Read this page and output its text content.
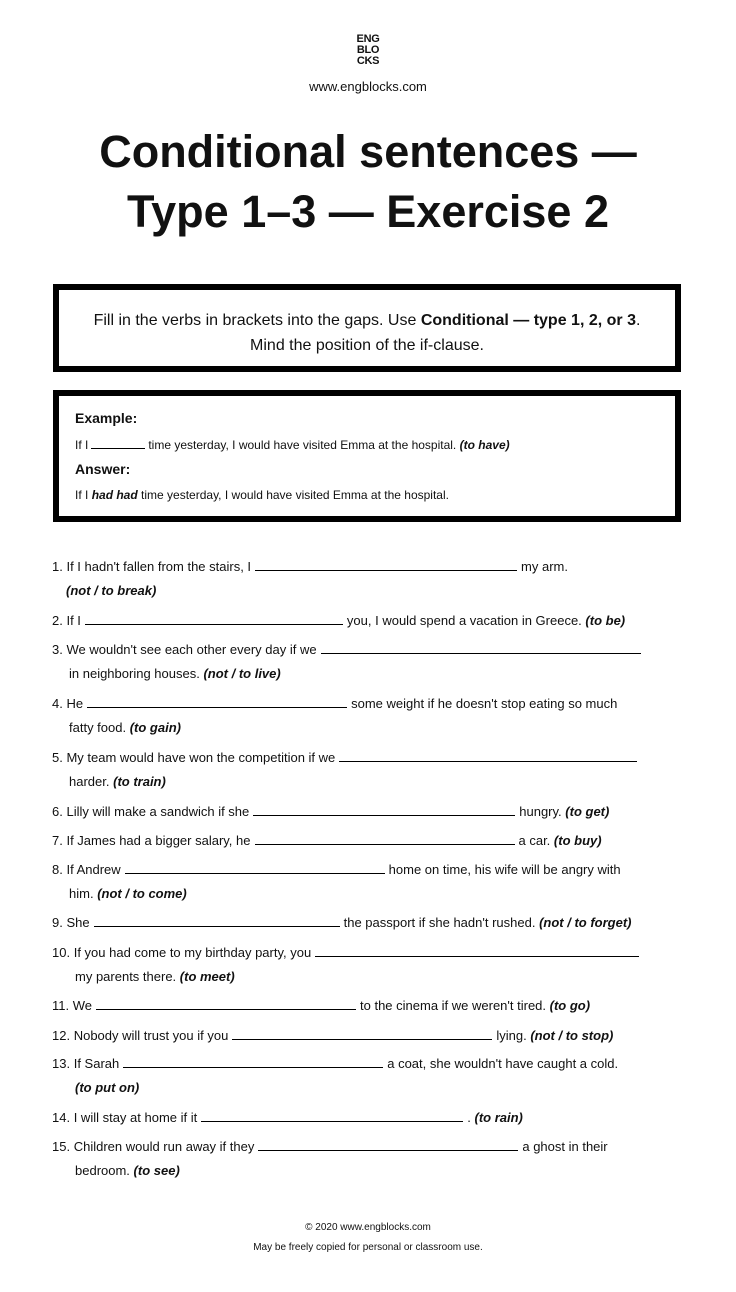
ENG
BLO
CKS
www.engblocks.com
Conditional sentences —
Type 1–3 — Exercise 2
Fill in the verbs in brackets into the gaps. Use Conditional — type 1, 2, or 3. Mind the position of the if-clause.
Example:
If I	time yesterday, I would have visited Emma at the hospital. (to have)
Answer:
If I had had time yesterday, I would have visited Emma at the hospital.
1. If I hadn't fallen from the stairs, I	my arm.
(not / to break)
2. If I	you, I would spend a vacation in Greece. (to be)
3. We wouldn't see each other every day if we
in neighboring houses. (not / to live)
4. He	some weight if he doesn't stop eating so much
fatty food. (to gain)
5. My team would have won the competition if we
harder. (to train)
6. Lilly will make a sandwich if she	hungry. (to get)
7. If James had a bigger salary, he	a car. (to buy)
8. If Andrew	home on time, his wife will be angry with
him. (not / to come)
9. She	the passport if she hadn't rushed. (not / to forget)
10. If you had come to my birthday party, you
my parents there. (to meet)
11. We	to the cinema if we weren't tired. (to go)
12. Nobody will trust you if you	lying. (not / to stop)
13. If Sarah	a coat, she wouldn't have caught a cold.
(to put on)
14. I will stay at home if it	. (to rain)
15. Children would run away if they	a ghost in their
bedroom. (to see)
© 2020 www.engblocks.com
May be freely copied for personal or classroom use.
